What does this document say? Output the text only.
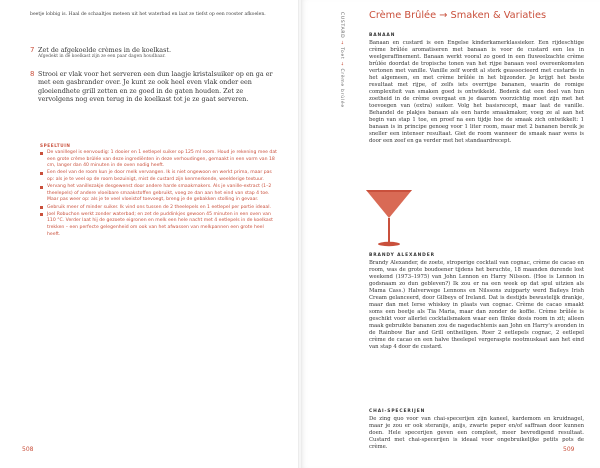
beetje lobbig is. Haal de schaaltjes meteen uit het waterbad en laat ze tiefst op een rooster afkoelen.
7 Zet de afgekoelde crèmes in de koelkast.
Afgedekt in de koelkast zijn ze een paar dagen houdbaar.
8 Strooi er vlak voor het serveren een dun laagje kristalsuiker op en ga er met een gasbrander over. Je kunt ze ook heel even vlak onder een gloeiendhete grill zetten en ze goed in de gaten houden. Zet ze vervolgens nog even terug in de koelkast tot je ze gaat serveren.
SPEELTUIN
De vanillegel is eenvoudig: 1 dooier en 1 eetlepel suiker op 125 ml room. Houd je rekening mee dat een grote crème brûlée van deze ingrediënten in deze verhoudingen, gemaakt in een vorm van 18 cm, langer dan 40 minuten in de oven nodig heeft.
Een deel van de room kun je door melk vervangen. Ik is niet ongewoon en werkt prima, maar pas op: als je te veel op de room bezuinigt, mist de custard zijn kenmerkende, weelderige textuur.
Vervang het vanillezakje desgewenst door andere harde smaakmakers. Als je vanille-extract (1–2 theelepels) of andere vloeibare smaakstoffen gebruikt, voeg ze dan aan het eind van stap 4 toe. Maar pas weer op: als je te veel vloeistof toevoegt, breng je de gebakken stolling in gevaar.
Gebruik meer of minder suiker. Ik vind ons tussen de 2 theelepels en 1 eetlepel per portie ideaal.
Joel Robuchon werkt zonder waterbad; en zet de puddinkjes gewoon 45 minuten in een oven van 110 °C. Verder laat hij de gezoete eigronen en melk een hele nacht met 4 eetlepels in de koelkast trekken – een perfecte gelegenheid om ook van het afwassen van melkpannen een grote heel heeft.
508
CUSTARD → Toet → Crème brûlée
Crème Brûlée → Smaken & Variaties
BANAAN
Banaan en custard is een Engelse kinderkamerklassieker. Een rijdeschtige crème brûlée aromatiseren met banaan is voor de custard een les in weelgeraffinement. Banaan werkt vooral zo goed in een fluweelzachte crème brûlée doordat de tropische tonen van het rijpe banaan veel overeenkomsten vertonen met vanille. Vanille zelf wordt al sterk geassocieerd met custards in het algemeen, en met crème brûlée in het bijzonder. Je krijgt het beste resultaat met rijpe, of zelfs iets overrijpe bananen, waarin de romige complexiteit van smaken goed is ontwikkeld. Bedenk dat een deel van hun zoetheid in de crème overgaat en je daarom voorzichtig moet zijn met het toevoegen van (extra) suiker. Volg het basisrecept, maar laat de vanille. Behandel de plakjes banaan als een harde smaakmaker, voeg ze al aan het begin van stap 1 toe, en proef na een tijdje hoe de smaak zich ontwikkelt: 1 banaan is in principe genoeg voor 1 liter room, maar met 2 bananen bereik je sneller een intenser resultaat. Giet de room wanneer de smaak naar wens is door een zeef en ga verder met het standaardrecept.
BRANDY ALEXANDER
Brandy Alexander, de zoete, stroperige cocktail van cognac, crème de cacao en room, was de grote boudoener tijdens het beruchte, 18 maanden durende lost weekend (1973–1975) van John Lennon en Harry Nilsson. (Hoe is Lennon in godsnaam zo dun gebleven?) Ik zou er na een week op dat spul uitzien als Mama Cass.) Halverwege Lennons en Nilssons zuipparty werd Baileys Irish Cream gelanceerd, door Gilbeys of Ireland. Dat is destijds bewustelijk drankje, maar dan met Ierse whiskey in plaats van cognac. Crème de cacao smaakt soms een beetje als Tia Maria, maar dan zonder de koffie. Crème brûlée is geschikt voor allerlei cocktailsmaken waar een flinke dosis room in zit; alleen maak gebruikte bananen zou de nagedachtenis aan John en Harry's avonden in de Rainbow Bar and Grill ontheiligen. Roer 2 eetlepels cognac, 2 eetlepel crème de cacao en een halve theelepel vergeraspte nootmuskaat aan het eind van stap 4 door de custard.
CHAI-SPECERIJEN
De zing quo voor van chai-specerijen zijn kaneel, kardemom en kruidnagel, maar je zou er ook steranijs, anijs, zwarte peper en/of saffraan door kunnen doen. Hele specerijen geven een compleet, meer bevredigend resultaat. Custard met chai-specerijen is ideaal voor ongebruikelijke petits pots de crème.	509
